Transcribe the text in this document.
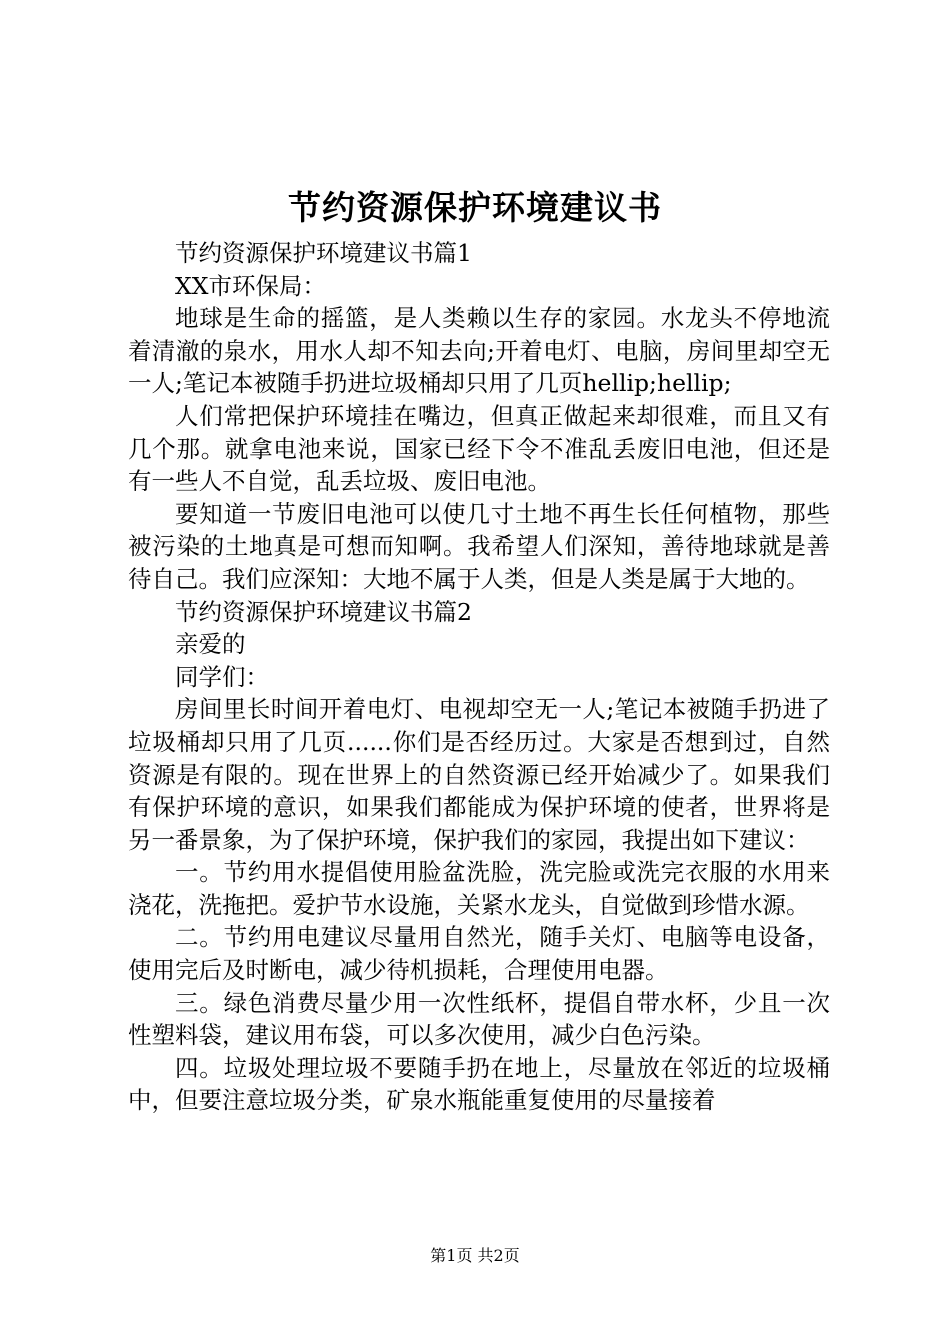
节约资源保护环境建议书

节约资源保护环境建议书篇1

XX市环保局：

地球是生命的摇篮，是人类赖以生存的家园。水龙头不停地流着清澈的泉水，用水人却不知去向;开着电灯、电脑，房间里却空无一人;笔记本被随手扔进垃圾桶却只用了几页hellip;hellip;

人们常把保护环境挂在嘴边，但真正做起来却很难，而且又有几个那。就拿电池来说，国家已经下令不准乱丢废旧电池，但还是有一些人不自觉，乱丢垃圾、废旧电池。

要知道一节废旧电池可以使几寸土地不再生长任何植物，那些被污染的土地真是可想而知啊。我希望人们深知，善待地球就是善待自己。我们应深知：大地不属于人类，但是人类是属于大地的。

节约资源保护环境建议书篇2

亲爱的

同学们：

房间里长时间开着电灯、电视却空无一人;笔记本被随手扔进了垃圾桶却只用了几页......你们是否经历过。大家是否想到过，自然资源是有限的。现在世界上的自然资源已经开始减少了。如果我们有保护环境的意识，如果我们都能成为保护环境的使者，世界将是另一番景象，为了保护环境，保护我们的家园，我提出如下建议：

一。节约用水提倡使用脸盆洗脸，洗完脸或洗完衣服的水用来浇花，洗拖把。爱护节水设施，关紧水龙头，自觉做到珍惜水源。

二。节约用电建议尽量用自然光，随手关灯、电脑等电设备，使用完后及时断电，减少待机损耗，合理使用电器。

三。绿色消费尽量少用一次性纸杯，提倡自带水杯，少且一次性塑料袋，建议用布袋，可以多次使用，减少白色污染。

四。垃圾处理垃圾不要随手扔在地上，尽量放在邻近的垃圾桶中，但要注意垃圾分类，矿泉水瓶能重复使用的尽量接着

第1页 共2页
